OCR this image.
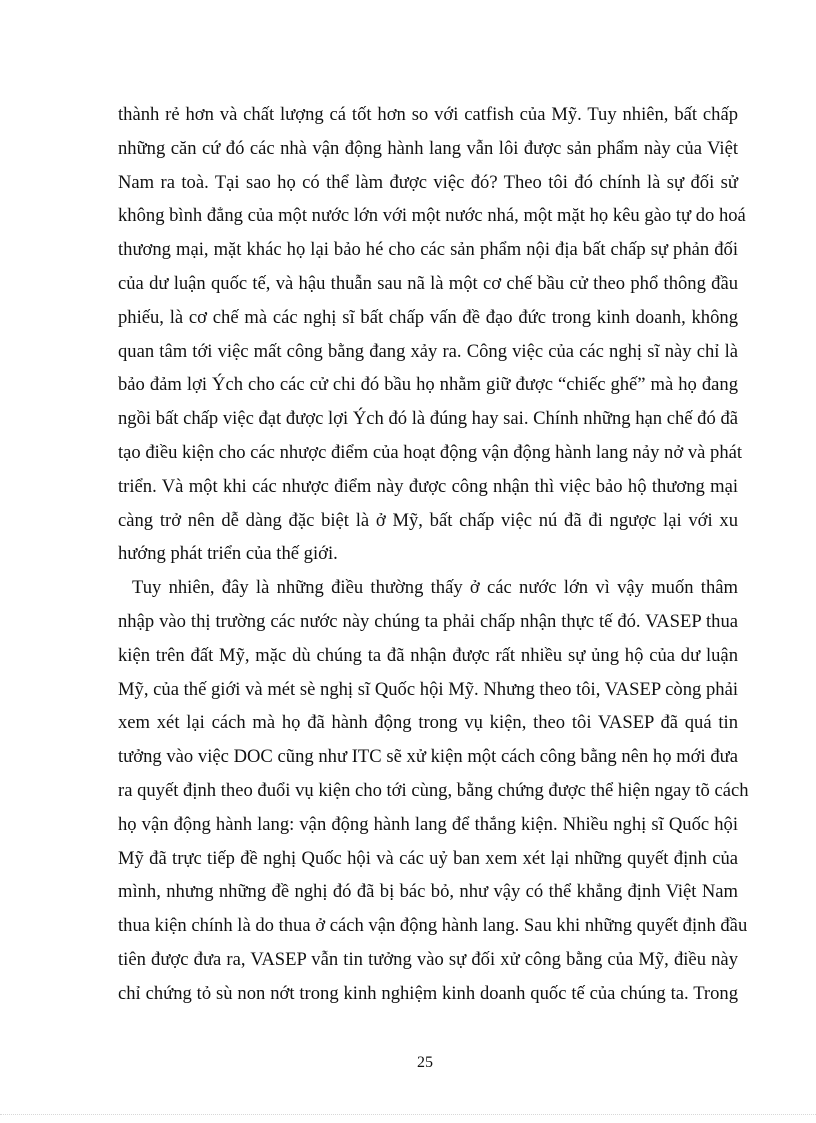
thành rẻ hơn và chất lượng cá tốt hơn so với catfish của Mỹ. Tuy nhiên, bất chấp
những căn cứ đó các nhà vận động hành lang vẫn lôi được sản phẩm này của Việt
Nam ra toà. Tại sao họ có thể làm được việc đó? Theo tôi đó chính là sự đối sử
không bình đẳng của một nước lớn với một nước nhá, một mặt họ kêu gào tự do hoá
thương mại, mặt khác họ lại bảo hé cho các sản phẩm nội địa bất chấp sự phản đối
của dư luận quốc tế, và hậu thuẫn sau nã là một cơ chế bầu cử theo phổ thông đầu
phiếu, là cơ chế mà các nghị sĩ bất chấp vấn đề đạo đức trong kinh doanh, không
quan tâm tới việc mất công bằng đang xảy ra. Công việc của các nghị sĩ này chỉ là
bảo đảm lợi Ých cho các cử chi đó bầu họ nhằm giữ được “chiếc ghế” mà họ đang
ngồi bất chấp việc đạt được lợi Ých đó là đúng hay sai. Chính những hạn chế đó đã
tạo điều kiện cho các nhược điểm của hoạt động vận động hành lang nảy nở và phát
triển. Và một khi các nhược điểm này được công nhận thì việc bảo hộ thương mại
càng trở nên dễ dàng đặc biệt là ở Mỹ, bất chấp việc nú đã đi ngược lại với xu
hướng phát triển của thế giới.
Tuy nhiên, đây là những điều thường thấy ở các nước lớn vì vậy muốn thâm
nhập vào thị trường các nước này chúng ta phải chấp nhận thực tế đó. VASEP thua
kiện trên đất Mỹ, mặc dù chúng ta đã nhận được rất nhiều sự ủng hộ của dư luận
Mỹ, của thế giới và mét sè nghị sĩ Quốc hội Mỹ. Nhưng theo tôi, VASEP còng phải
xem xét lại cách mà họ đã hành động trong vụ kiện, theo tôi VASEP đã quá tin
tưởng vào việc DOC cũng như ITC sẽ xử kiện một cách công bằng nên họ mới đưa
ra quyết định theo đuổi vụ kiện cho tới cùng, bằng chứng được thể hiện ngay tõ cách
họ vận động hành lang: vận động hành lang để thắng kiện. Nhiều nghị sĩ Quốc hội
Mỹ đã trực tiếp đề nghị Quốc hội và các uỷ ban xem xét lại những quyết định của
mình, nhưng những đề nghị đó đã bị bác bỏ, như vậy có thể khẳng định Việt Nam
thua kiện chính là do thua ở cách vận động hành lang. Sau khi những quyết định đầu
tiên được đưa ra, VASEP vẫn tin tưởng vào sự đối xử công bằng của Mỹ, điều này
chỉ chứng tỏ sù non nớt trong kinh nghiệm kinh doanh quốc tế của chúng ta. Trong
25
